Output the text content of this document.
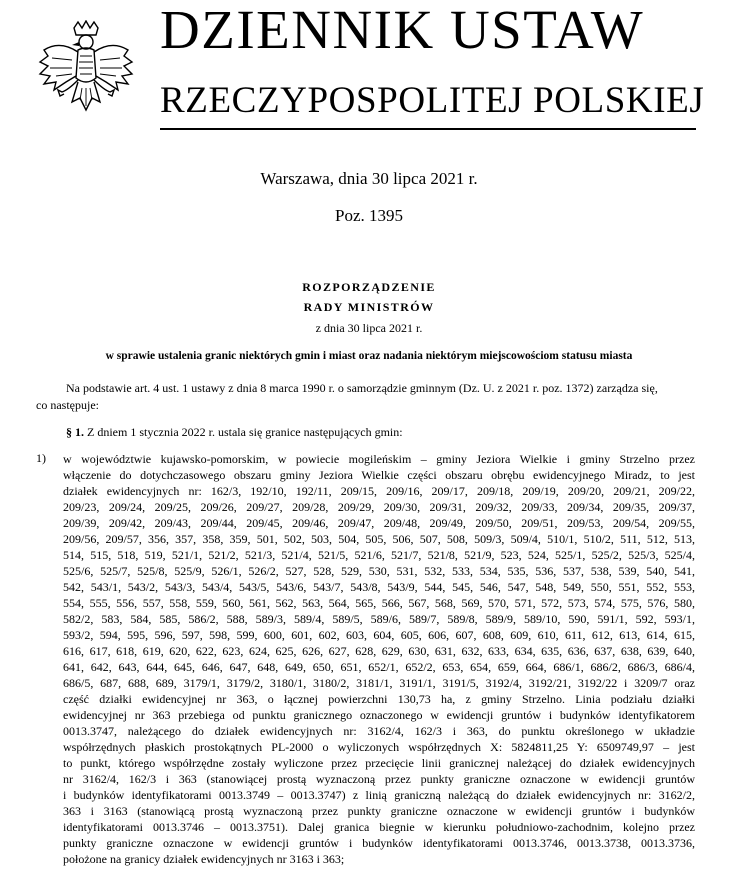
DZIENNIK USTAW
RZECZYPOSPOLITEJ POLSKIEJ
Warszawa, dnia 30 lipca 2021 r.
Poz. 1395
ROZPORZĄDZENIE
RADY MINISTRÓW
z dnia 30 lipca 2021 r.
w sprawie ustalenia granic niektórych gmin i miast oraz nadania niektórym miejscowościom statusu miasta
Na podstawie art. 4 ust. 1 ustawy z dnia 8 marca 1990 r. o samorządzie gminnym (Dz. U. z 2021 r. poz. 1372) zarządza się,
co następuje:
§ 1. Z dniem 1 stycznia 2022 r. ustala się granice następujących gmin:
1) w województwie kujawsko-pomorskim, w powiecie mogileńskim – gminy Jeziora Wielkie i gminy Strzelno przez
włączenie do dotychczasowego obszaru gminy Jeziora Wielkie części obszaru obrębu ewidencyjnego Miradz, to jest
działek ewidencyjnych nr: 162/3, 192/10, 192/11, 209/15, 209/16, 209/17, 209/18, 209/19, 209/20, 209/21, 209/22,
209/23, 209/24, 209/25, 209/26, 209/27, 209/28, 209/29, 209/30, 209/31, 209/32, 209/33, 209/34, 209/35, 209/37,
209/39, 209/42, 209/43, 209/44, 209/45, 209/46, 209/47, 209/48, 209/49, 209/50, 209/51, 209/53, 209/54, 209/55,
209/56, 209/57, 356, 357, 358, 359, 501, 502, 503, 504, 505, 506, 507, 508, 509/3, 509/4, 510/1, 510/2, 511, 512, 513,
514, 515, 518, 519, 521/1, 521/2, 521/3, 521/4, 521/5, 521/6, 521/7, 521/8, 521/9, 523, 524, 525/1, 525/2, 525/3, 525/4,
525/6, 525/7, 525/8, 525/9, 526/1, 526/2, 527, 528, 529, 530, 531, 532, 533, 534, 535, 536, 537, 538, 539, 540, 541,
542, 543/1, 543/2, 543/3, 543/4, 543/5, 543/6, 543/7, 543/8, 543/9, 544, 545, 546, 547, 548, 549, 550, 551, 552, 553,
554, 555, 556, 557, 558, 559, 560, 561, 562, 563, 564, 565, 566, 567, 568, 569, 570, 571, 572, 573, 574, 575, 576, 580,
582/2, 583, 584, 585, 586/2, 588, 589/3, 589/4, 589/5, 589/6, 589/7, 589/8, 589/9, 589/10, 590, 591/1, 592, 593/1,
593/2, 594, 595, 596, 597, 598, 599, 600, 601, 602, 603, 604, 605, 606, 607, 608, 609, 610, 611, 612, 613, 614, 615,
616, 617, 618, 619, 620, 622, 623, 624, 625, 626, 627, 628, 629, 630, 631, 632, 633, 634, 635, 636, 637, 638, 639, 640,
641, 642, 643, 644, 645, 646, 647, 648, 649, 650, 651, 652/1, 652/2, 653, 654, 659, 664, 686/1, 686/2, 686/3, 686/4,
686/5, 687, 688, 689, 3179/1, 3179/2, 3180/1, 3180/2, 3181/1, 3191/1, 3191/5, 3192/4, 3192/21, 3192/22 i 3209/7 oraz
część działki ewidencyjnej nr 363, o łącznej powierzchni 130,73 ha, z gminy Strzelno. Linia podziału działki
ewidencyjnej nr 363 przebiega od punktu granicznego oznaczonego w ewidencji gruntów i budynków identyfikatorem
0013.3747, należącego do działek ewidencyjnych nr: 3162/4, 162/3 i 363, do punktu określonego w układzie
współrzędnych płaskich prostokątnych PL-2000 o wyliczonych współrzędnych X: 5824811,25 Y: 6509749,97 – jest
to punkt, którego współrzędne zostały wyliczone przez przecięcie linii granicznej należącej do działek ewidencyjnych
nr 3162/4, 162/3 i 363 (stanowiącej prostą wyznaczoną przez punkty graniczne oznaczone w ewidencji gruntów
i budynków identyfikatorami 0013.3749 – 0013.3747) z linią graniczną należącą do działek ewidencyjnych nr: 3162/2,
363 i 3163 (stanowiącą prostą wyznaczoną przez punkty graniczne oznaczone w ewidencji gruntów i budynków
identyfikatorami 0013.3746 – 0013.3751). Dalej granica biegnie w kierunku południowo-zachodnim, kolejno przez
punkty graniczne oznaczone w ewidencji gruntów i budynków identyfikatorami 0013.3746, 0013.3738, 0013.3736,
położone na granicy działek ewidencyjnych nr 3163 i 363;
